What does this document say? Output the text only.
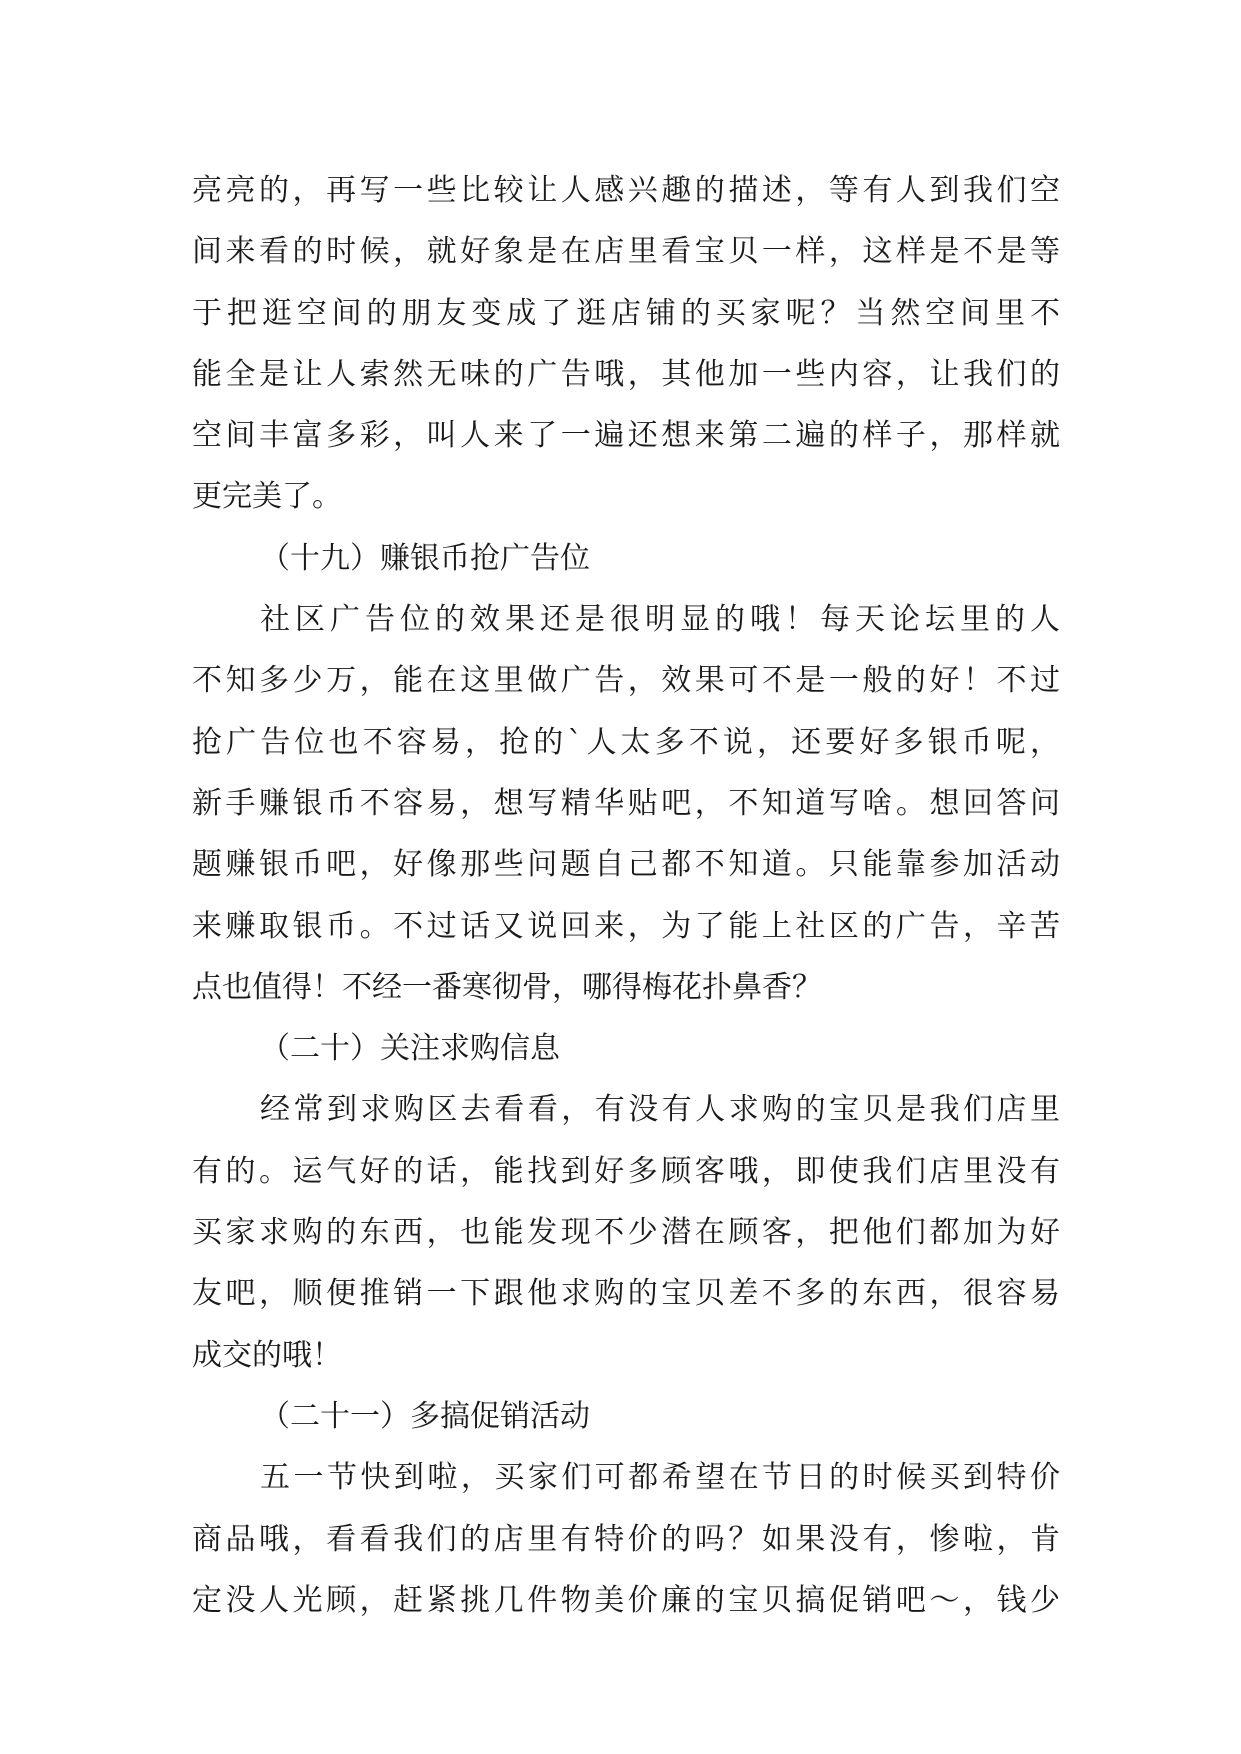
亮亮的，再写一些比较让人感兴趣的描述，等有人到我们空
间来看的时候，就好象是在店里看宝贝一样，这样是不是等
于把逛空间的朋友变成了逛店铺的买家呢？当然空间里不
能全是让人索然无味的广告哦，其他加一些内容，让我们的
空间丰富多彩，叫人来了一遍还想来第二遍的样子，那样就
更完美了。
（十九）赚银币抢广告位
社区广告位的效果还是很明显的哦！每天论坛里的人
不知多少万，能在这里做广告，效果可不是一般的好！不过
抢广告位也不容易，抢的`人太多不说，还要好多银币呢，
新手赚银币不容易，想写精华贴吧，不知道写啥。想回答问
题赚银币吧，好像那些问题自己都不知道。只能靠参加活动
来赚取银币。不过话又说回来，为了能上社区的广告，辛苦
点也值得！不经一番寒彻骨，哪得梅花扑鼻香？
（二十）关注求购信息
经常到求购区去看看，有没有人求购的宝贝是我们店里
有的。运气好的话，能找到好多顾客哦，即使我们店里没有
买家求购的东西，也能发现不少潜在顾客，把他们都加为好
友吧，顺便推销一下跟他求购的宝贝差不多的东西，很容易
成交的哦！
（二十一）多搞促销活动
五一节快到啦，买家们可都希望在节日的时候买到特价
商品哦，看看我们的店里有特价的吗？如果没有，惨啦，肯
定没人光顾，赶紧挑几件物美价廉的宝贝搞促销吧～，钱少
